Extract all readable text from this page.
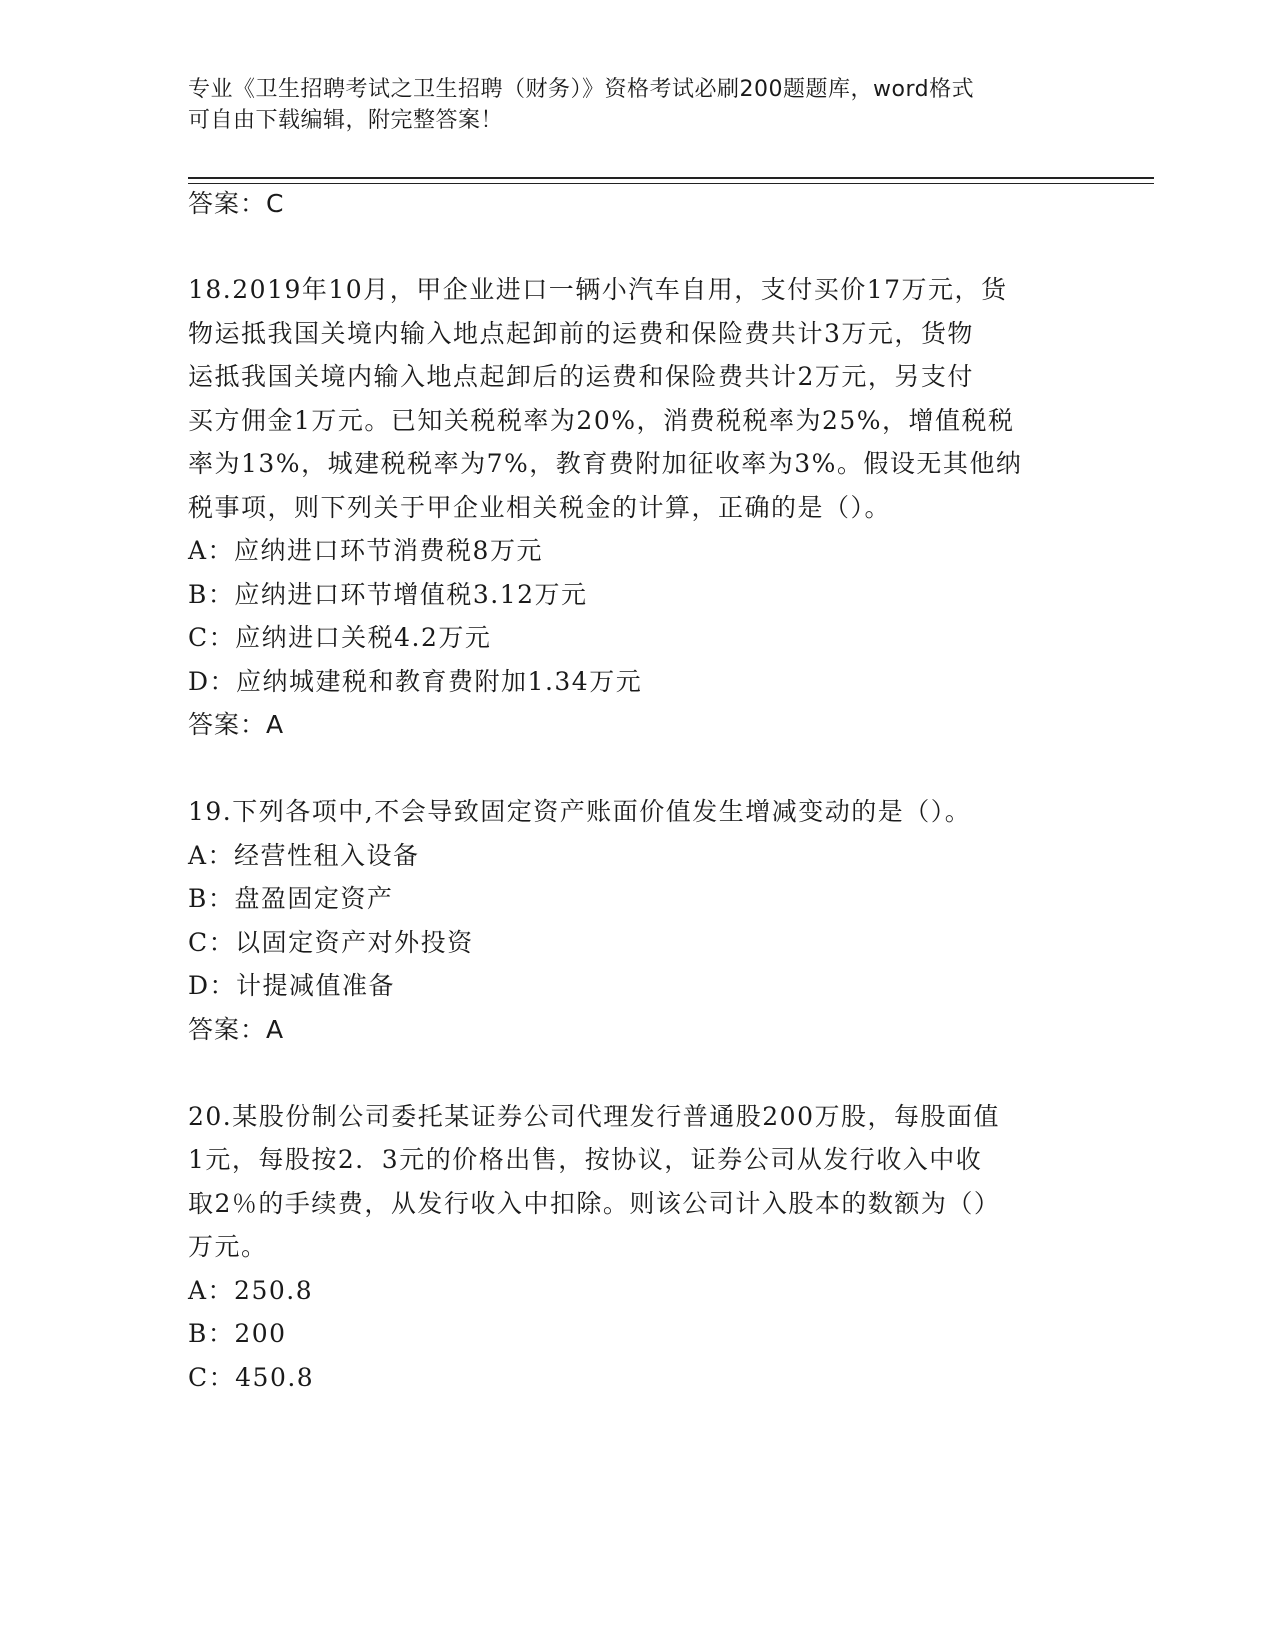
专业《卫生招聘考试之卫生招聘（财务）》资格考试必刷200题题库，word格式
可自由下载编辑，附完整答案！
答案：C
18.2019年10月，甲企业进口一辆小汽车自用，支付买价17万元，货
物运抵我国关境内输入地点起卸前的运费和保险费共计3万元，货物
运抵我国关境内输入地点起卸后的运费和保险费共计2万元，另支付
买方佣金1万元。已知关税税率为20%，消费税税率为25%，增值税税
率为13%，城建税税率为7%，教育费附加征收率为3%。假设无其他纳
税事项，则下列关于甲企业相关税金的计算，正确的是（）。
A：应纳进口环节消费税8万元
B：应纳进口环节增值税3.12万元
C：应纳进口关税4.2万元
D：应纳城建税和教育费附加1.34万元
答案：A
19.下列各项中,不会导致固定资产账面价值发生增减变动的是（）。
A：经营性租入设备
B：盘盈固定资产
C：以固定资产对外投资
D：计提减值准备
答案：A
20.某股份制公司委托某证券公司代理发行普通股200万股，每股面值
1元，每股按2．3元的价格出售，按协议，证券公司从发行收入中收
取2％的手续费，从发行收入中扣除。则该公司计入股本的数额为（）
万元。
A：250.8
B：200
C：450.8
